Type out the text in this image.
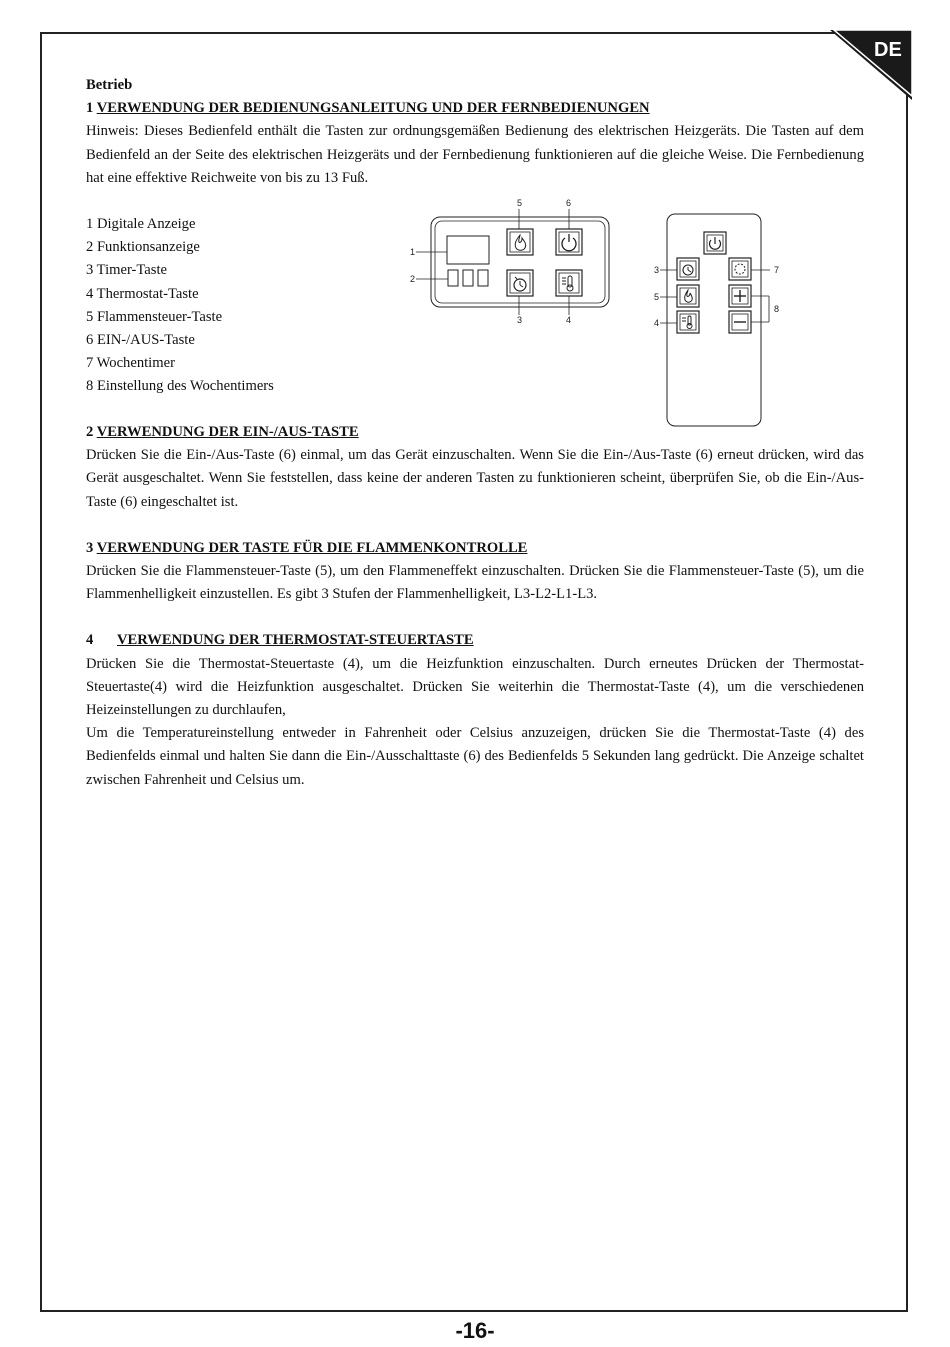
DE

Betrieb

1 VERWENDUNG DER BEDIENUNGSANLEITUNG UND DER FERNBEDIENUNGEN

Hinweis: Dieses Bedienfeld enthält die Tasten zur ordnungsgemäßen Bedienung des elektrischen Heizgeräts. Die Tasten auf dem Bedienfeld an der Seite des elektrischen Heizgeräts und der Fernbedienung funktionieren auf die gleiche Weise. Die Fernbedienung hat eine effektive Reichweite von bis zu 13 Fuß.

1 Digitale Anzeige
2 Funktionsanzeige
3 Timer-Taste
4 Thermostat-Taste
5 Flammensteuer-Taste
6 EIN-/AUS-Taste
7 Wochentimer
8 Einstellung des Wochentimers
5	6
1
2
3	4
3
5
4
7
8

2 VERWENDUNG DER EIN-/AUS-TASTE

Drücken Sie die Ein-/Aus-Taste (6) einmal, um das Gerät einzuschalten. Wenn Sie die Ein-/Aus-Taste (6) erneut drücken, wird das Gerät ausgeschaltet. Wenn Sie feststellen, dass keine der anderen Tasten zu funktionieren scheint, überprüfen Sie, ob die Ein-/Aus-Taste (6) eingeschaltet ist.

3 VERWENDUNG DER TASTE FÜR DIE FLAMMENKONTROLLE

Drücken Sie die Flammensteuer-Taste (5), um den Flammeneffekt einzuschalten. Drücken Sie die Flammensteuer-Taste (5), um die Flammenhelligkeit einzustellen. Es gibt 3 Stufen der Flammenhelligkeit, L3-L2-L1-L3.

4 VERWENDUNG DER THERMOSTAT-STEUERTASTE

Drücken Sie die Thermostat-Steuertaste (4), um die Heizfunktion einzuschalten. Durch erneutes Drücken der Thermostat-Steuertaste(4) wird die Heizfunktion ausgeschaltet. Drücken Sie weiterhin die Thermostat-Taste (4), um die verschiedenen Heizeinstellungen zu durchlaufen,

Um die Temperatureinstellung entweder in Fahrenheit oder Celsius anzuzeigen, drücken Sie die Thermostat-Taste (4) des Bedienfelds einmal und halten Sie dann die Ein-/Ausschalttaste (6) des Bedienfelds 5 Sekunden lang gedrückt. Die Anzeige schaltet zwischen Fahrenheit und Celsius um.

-16-
